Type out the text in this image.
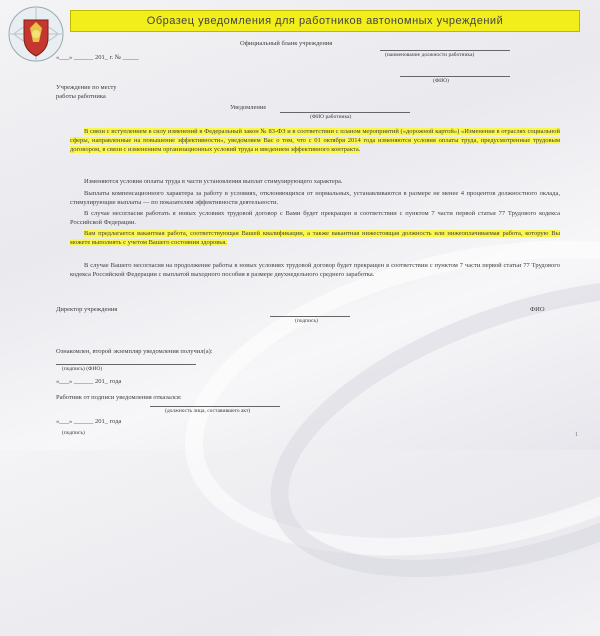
Образец уведомления для работников автономных учреждений
Официальный бланк учреждения
(наименование должности работника)
«___» ______ 201_ г. № _____
(ФИО)
Учреждение по месту
работы работника
Уведомление
(ФИО работника)
В связи с вступлением в силу изменений в Федеральный закон № 83-ФЗ и в соответствии с планом мероприятий («дорожной картой») «Изменения в отраслях социальной сферы, направленные на повышение эффективности», уведомляем Вас о том, что с 01 октября 2014 года изменяются условия оплаты труда, предусмотренные трудовым договором, в связи с изменением организационных условий труда и введением эффективного контракта.
Изменяются условия оплаты труда в части установления выплат стимулирующего характера.
Выплаты компенсационного характера за работу в условиях, отклоняющихся от нормальных, устанавливаются в размере не менее 4 процентов должностного оклада, стимулирующие выплаты — по показателям эффективности деятельности.
В случае несогласия работать в новых условиях трудовой договор с Вами будет прекращен в соответствии с пунктом 7 части первой статьи 77 Трудового кодекса Российской Федерации.
Вам предлагается вакантная работа, соответствующая Вашей квалификации, а также вакантная нижестоящая должность или нижеоплачиваемая работа, которую Вы можете выполнять с учетом Вашего состояния здоровья.
В случае Вашего несогласия на продолжение работы в новых условиях трудовой договор будет прекращен в соответствии с пунктом 7 части первой статьи 77 Трудового кодекса Российской Федерации с выплатой выходного пособия в размере двухнедельного среднего заработка.
Директор учреждения	ФИО
(подпись)
Ознакомлен, второй экземпляр уведомления получил(а):
(подпись) (ФИО)
«___» ______ 201_ года
Работник от подписи уведомления отказался:
(должность лица, составившего акт)
«___» ______ 201_ года
(подпись)	1
